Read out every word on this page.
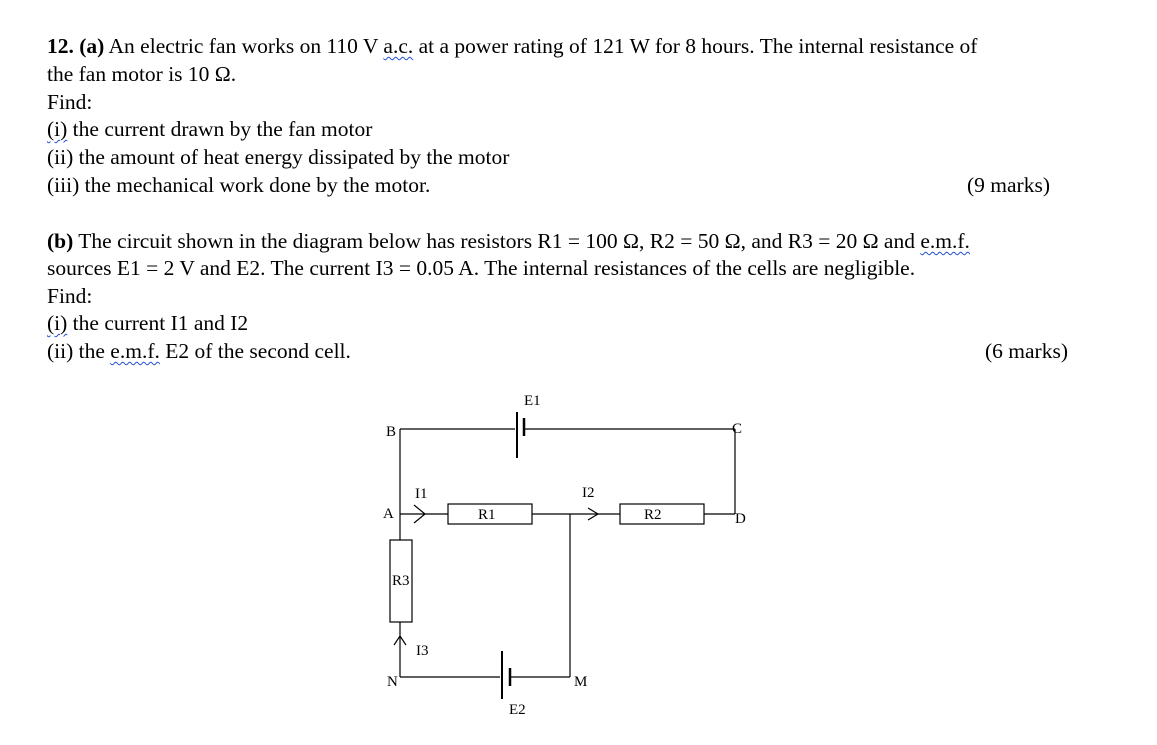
12. (a) An electric fan works on 110 V a.c. at a power rating of 121 W for 8 hours. The internal resistance of
the fan motor is 10 Ω.
Find:
(i) the current drawn by the fan motor
(ii) the amount of heat energy dissipated by the motor
(iii) the mechanical work done by the motor.	(9 marks)
(b) The circuit shown in the diagram below has resistors R1 = 100 Ω, R2 = 50 Ω, and R3 = 20 Ω and e.m.f.
sources E1 = 2 V and E2. The current I3 = 0.05 A. The internal resistances of the cells are negligible.
Find:
(i) the current I1 and I2
(ii) the e.m.f. E2 of the second cell.	(6 marks)
E1
B	C
I1	I2
A	R1	R2	D
R3
I3
N	M
E2
